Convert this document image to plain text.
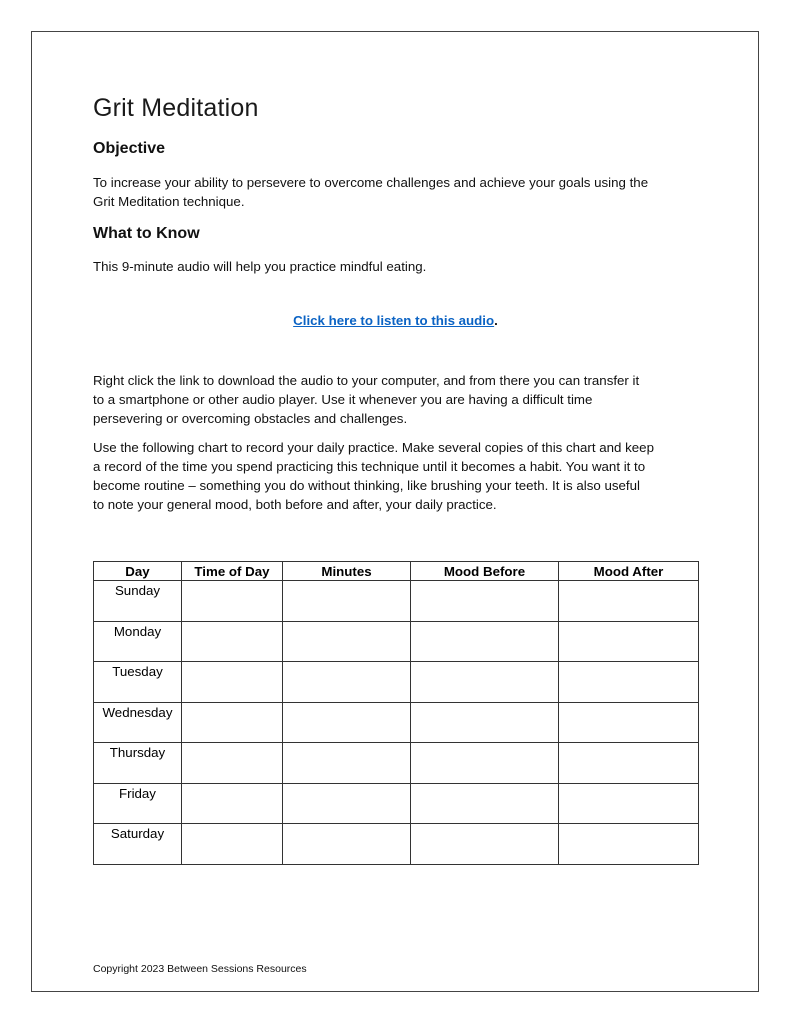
Grit Meditation
Objective

To increase your ability to persevere to overcome challenges and achieve your goals using the
Grit Meditation technique.

What to Know

This 9-minute audio will help you practice mindful eating.

Click here to listen to this audio.

Right click the link to download the audio to your computer, and from there you can transfer it
to a smartphone or other audio player. Use it whenever you are having a difficult time
persevering or overcoming obstacles and challenges.

Use the following chart to record your daily practice. Make several copies of this chart and keep
a record of the time you spend practicing this technique until it becomes a habit. You want it to
become routine – something you do without thinking, like brushing your teeth. It is also useful
to note your general mood, both before and after, your daily practice.

Day	Time of Day	Minutes	Mood Before	Mood After
Sunday				
Monday				
Tuesday				
Wednesday				
Thursday				
Friday				
Saturday				

Copyright 2023 Between Sessions Resources
